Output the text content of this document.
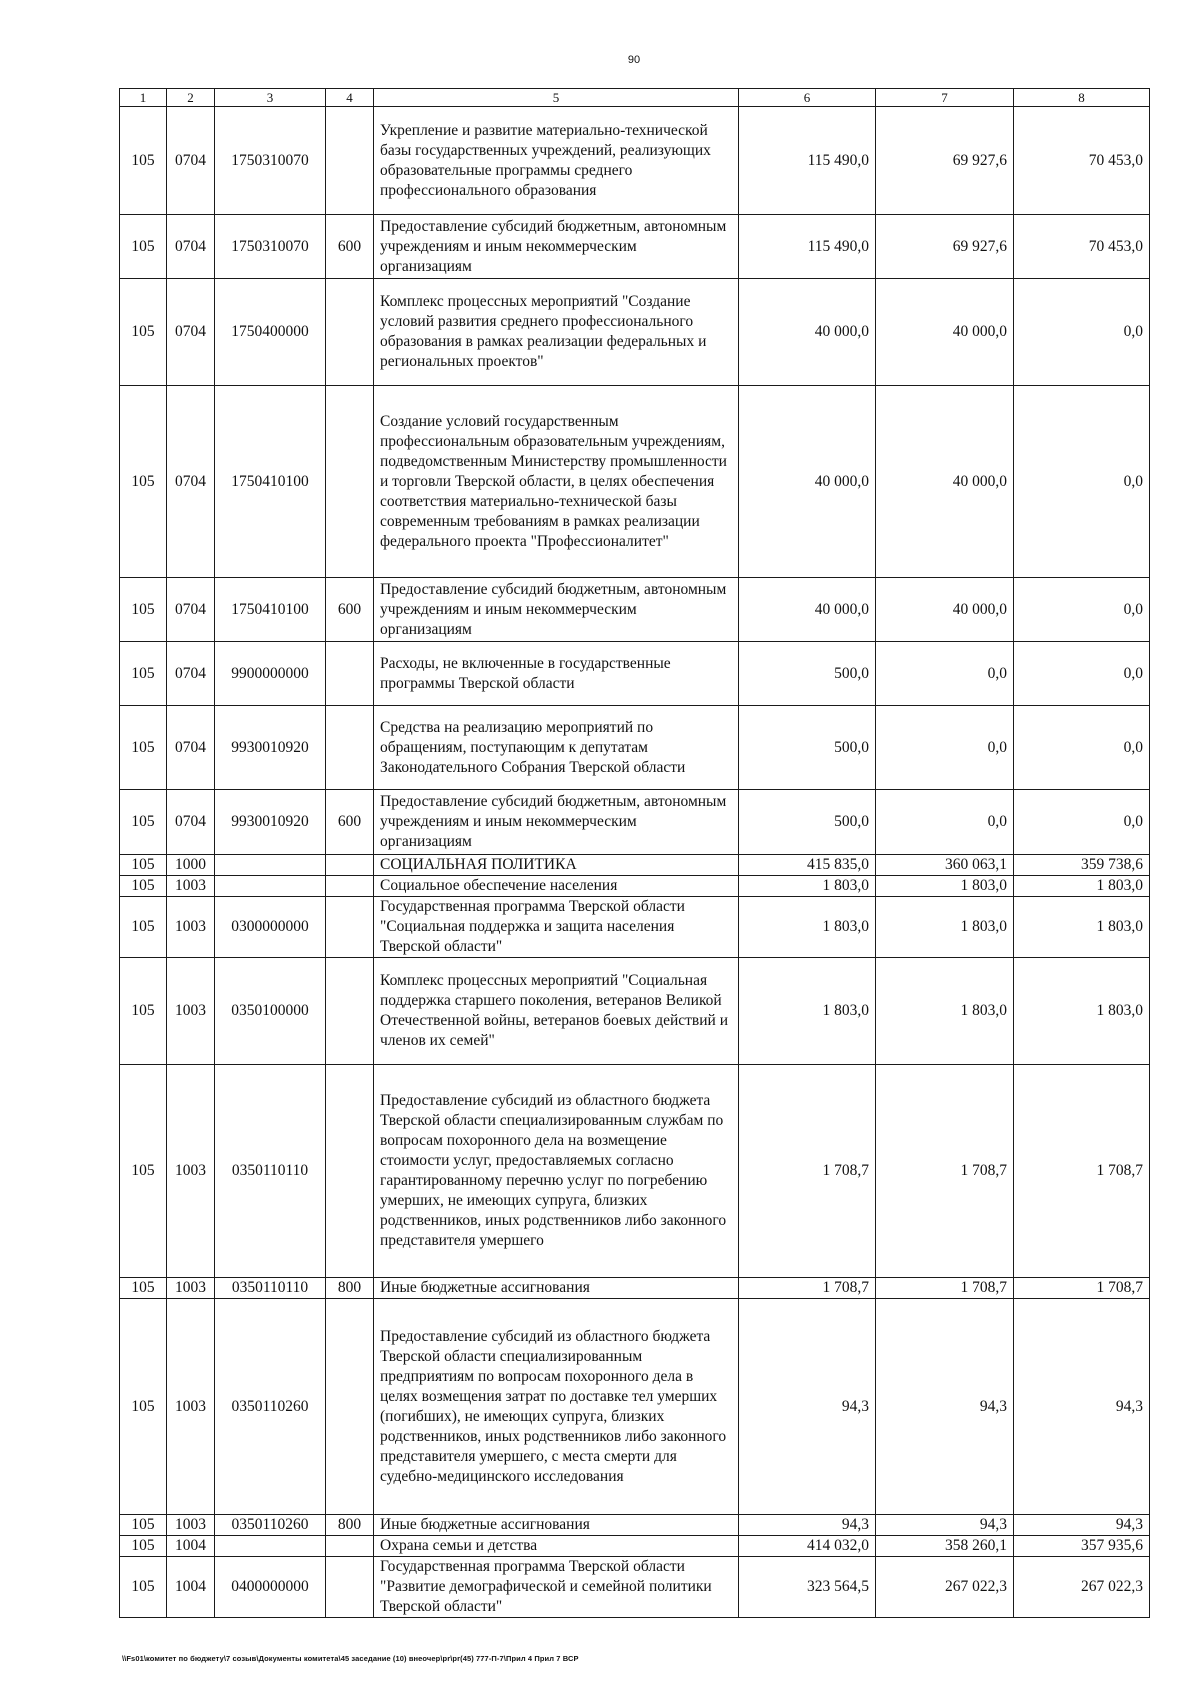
90
1	2	3	4	5	6	7	8
105	0704	1750310070		Укрепление и развитие материально-технической базы государственных учреждений, реализующих образовательные программы среднего профессионального образования	115 490,0	69 927,6	70 453,0
105	0704	1750310070	600	Предоставление субсидий бюджетным, автономным учреждениям и иным некоммерческим организациям	115 490,0	69 927,6	70 453,0
105	0704	1750400000		Комплекс процессных мероприятий "Создание условий развития среднего профессионального образования в рамках реализации федеральных и региональных проектов"	40 000,0	40 000,0	0,0
105	0704	1750410100		Создание условий государственным профессиональным образовательным учреждениям, подведомственным Министерству промышленности и торговли Тверской области, в целях обеспечения соответствия материально-технической базы современным требованиям в рамках реализации федерального проекта "Профессионалитет"	40 000,0	40 000,0	0,0
105	0704	1750410100	600	Предоставление субсидий бюджетным, автономным учреждениям и иным некоммерческим организациям	40 000,0	40 000,0	0,0
105	0704	9900000000		Расходы, не включенные в государственные программы Тверской области	500,0	0,0	0,0
105	0704	9930010920		Средства на реализацию мероприятий по обращениям, поступающим к депутатам Законодательного Собрания Тверской области	500,0	0,0	0,0
105	0704	9930010920	600	Предоставление субсидий бюджетным, автономным учреждениям и иным некоммерческим организациям	500,0	0,0	0,0
105	1000			СОЦИАЛЬНАЯ ПОЛИТИКА	415 835,0	360 063,1	359 738,6
105	1003			Социальное обеспечение населения	1 803,0	1 803,0	1 803,0
105	1003	0300000000		Государственная программа Тверской области "Социальная поддержка и защита населения Тверской области"	1 803,0	1 803,0	1 803,0
105	1003	0350100000		Комплекс процессных мероприятий "Социальная поддержка старшего поколения, ветеранов Великой Отечественной войны, ветеранов боевых действий и членов их семей"	1 803,0	1 803,0	1 803,0
105	1003	0350110110		Предоставление субсидий из областного бюджета Тверской области специализированным службам по вопросам похоронного дела на возмещение стоимости услуг, предоставляемых согласно гарантированному перечню услуг по погребению умерших, не имеющих супруга, близких родственников, иных родственников либо законного представителя умершего	1 708,7	1 708,7	1 708,7
105	1003	0350110110	800	Иные бюджетные ассигнования	1 708,7	1 708,7	1 708,7
105	1003	0350110260		Предоставление субсидий из областного бюджета Тверской области специализированным предприятиям по вопросам похоронного дела в целях возмещения затрат по доставке тел умерших (погибших), не имеющих супруга, близких родственников, иных родственников либо законного представителя умершего, с места смерти для судебно-медицинского исследования	94,3	94,3	94,3
105	1003	0350110260	800	Иные бюджетные ассигнования	94,3	94,3	94,3
105	1004			Охрана семьи и детства	414 032,0	358 260,1	357 935,6
105	1004	0400000000		Государственная программа Тверской области "Развитие демографической и семейной политики Тверской области"	323 564,5	267 022,3	267 022,3
\\Fs01\комитет по бюджету\7 созыв\Документы комитета\45 заседание (10) внеочер\pr\pr(45) 777-П-7\Прил 4 Прил 7 ВСР
